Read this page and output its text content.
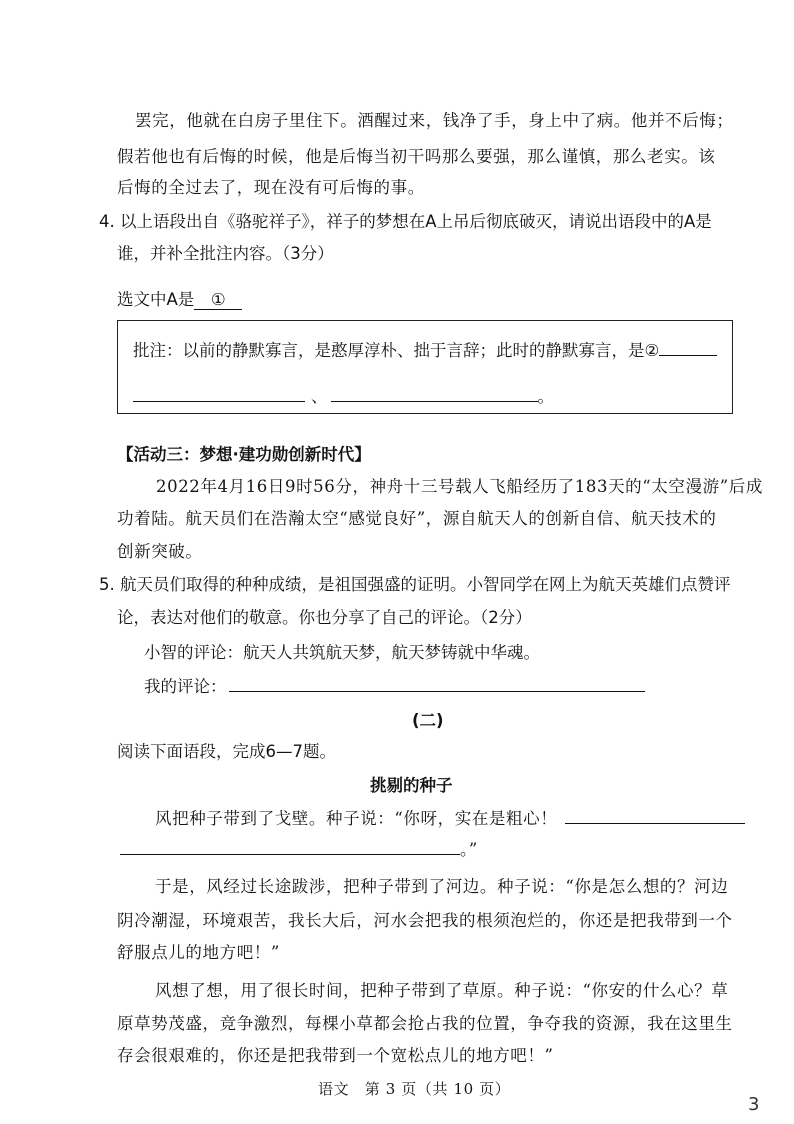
罢完，他就在白房子里住下。酒醒过来，钱净了手，身上中了病。他并不后悔；
假若他也有后悔的时候，他是后悔当初干吗那么要强，那么谨慎，那么老实。该
后悔的全过去了，现在没有可后悔的事。
4. 以上语段出自《骆驼祥子》，祥子的梦想在A上吊后彻底破灭，请说出语段中的A是
谁，并补全批注内容。（3分）
选文中A是 ①
批注：以前的静默寡言，是憨厚淳朴、拙于言辞；此时的静默寡言，是②
、	。
【活动三：梦想·建功勋创新时代】
2022年4月16日9时56分，神舟十三号载人飞船经历了183天的“太空漫游”后成
功着陆。航天员们在浩瀚太空“感觉良好”，源自航天人的创新自信、航天技术的
创新突破。
5. 航天员们取得的种种成绩，是祖国强盛的证明。小智同学在网上为航天英雄们点赞评
论，表达对他们的敬意。你也分享了自己的评论。（2分）
小智的评论：航天人共筑航天梦，航天梦铸就中华魂。
我的评论：
(二)
阅读下面语段，完成6—7题。
挑剔的种子
风把种子带到了戈壁。种子说：“你呀，实在是粗心！
。”
于是，风经过长途跋涉，把种子带到了河边。种子说：“你是怎么想的？河边
阴冷潮湿，环境艰苦，我长大后，河水会把我的根须泡烂的，你还是把我带到一个
舒服点儿的地方吧！”
风想了想，用了很长时间，把种子带到了草原。种子说：“你安的什么心？草
原草势茂盛，竞争激烈，每棵小草都会抢占我的位置，争夺我的资源，我在这里生
存会很艰难的，你还是把我带到一个宽松点儿的地方吧！”
语文　第 3 页（共 10 页）
3
